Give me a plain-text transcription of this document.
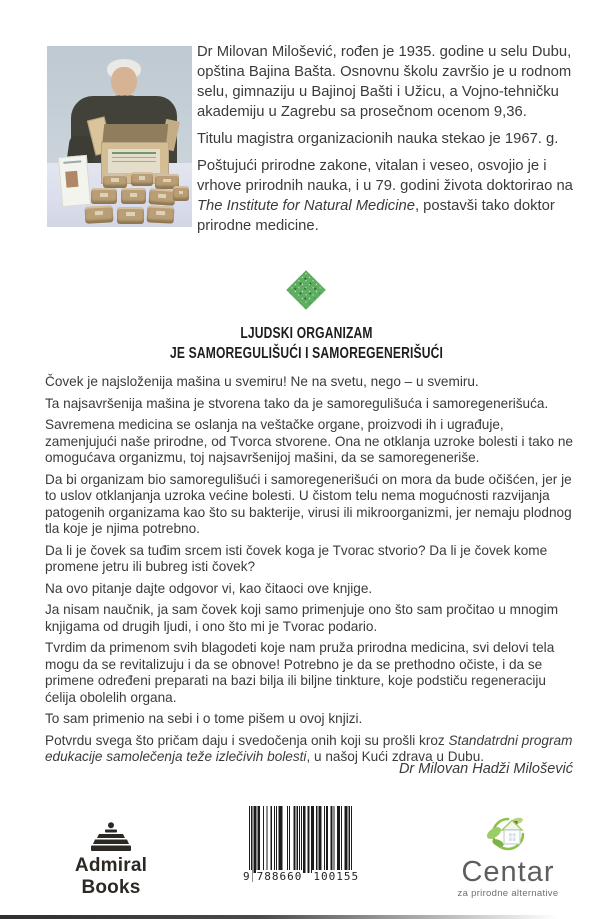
Dr Milovan Milošević, rođen je 1935. godine u selu Dubu, opština Bajina Bašta. Osnovnu školu završio je u rodnom selu, gimnaziju u Bajinoj Bašti i Užicu, a Vojno-tehničku akademiju u Zagrebu sa prosečnom ocenom 9,36.

Titulu magistra organizacionih nauka stekao je 1967. g.

Poštujući prirodne zakone, vitalan i veseo, osvojio je i vrhove prirodnih nauka, i u 79. godini života doktorirao na The Institute for Natural Medicine, postavši tako doktor prirodne medicine.

LJUDSKI ORGANIZAM
JE SAMOREGULIŠUĆI I SAMOREGENERIŠUĆI

Čovek je najsloženija mašina u svemiru! Ne na svetu, nego – u svemiru.

Ta najsavršenija mašina je stvorena tako da je samoregulišuća i samoregenerišuća.

Savremena medicina se oslanja na veštačke organe, proizvodi ih i ugrađuje, zamenjujući naše prirodne, od Tvorca stvorene. Ona ne otklanja uzroke bolesti i tako ne omogućava organizmu, toj najsavršenijoj mašini, da se samoregeneriše.

Da bi organizam bio samoregulišući i samoregenerišući on mora da bude očišćen, jer je to uslov otklanjanja uzroka većine bolesti. U čistom telu nema mogućnosti razvijanja patogenih organizama kao što su bakterije, virusi ili mikroorganizmi, jer nemaju plodnog tla koje je njima potrebno.

Da li je čovek sa tuđim srcem isti čovek koga je Tvorac stvorio? Da li je čovek kome promene jetru ili bubreg isti čovek?

Na ovo pitanje dajte odgovor vi, kao čitaoci ove knjige.

Ja nisam naučnik, ja sam čovek koji samo primenjuje ono što sam pročitao u mnogim knjigama od drugih ljudi, i ono što mi je Tvorac podario.

Tvrdim da primenom svih blagodeti koje nam pruža prirodna medicina, svi delovi tela mogu da se revitalizuju i da se obnove! Potrebno je da se prethodno očiste, i da se primene određeni preparati na bazi bilja ili biljne tinkture, koje podstiču regeneraciju ćelija obolelih organa.

To sam primenio na sebi i o tome pišem u ovoj knjizi.

Potvrdu svega što pričam daju i svedočenja onih koji su prošli kroz Standatrdni program edukacije samolečenja teže izlečivih bolesti, u našoj Kući zdrava u Dubu.

Dr Milovan Hadži Milošević
Admiral Books
9 788660 100155	Centar
za prirodne alternative
